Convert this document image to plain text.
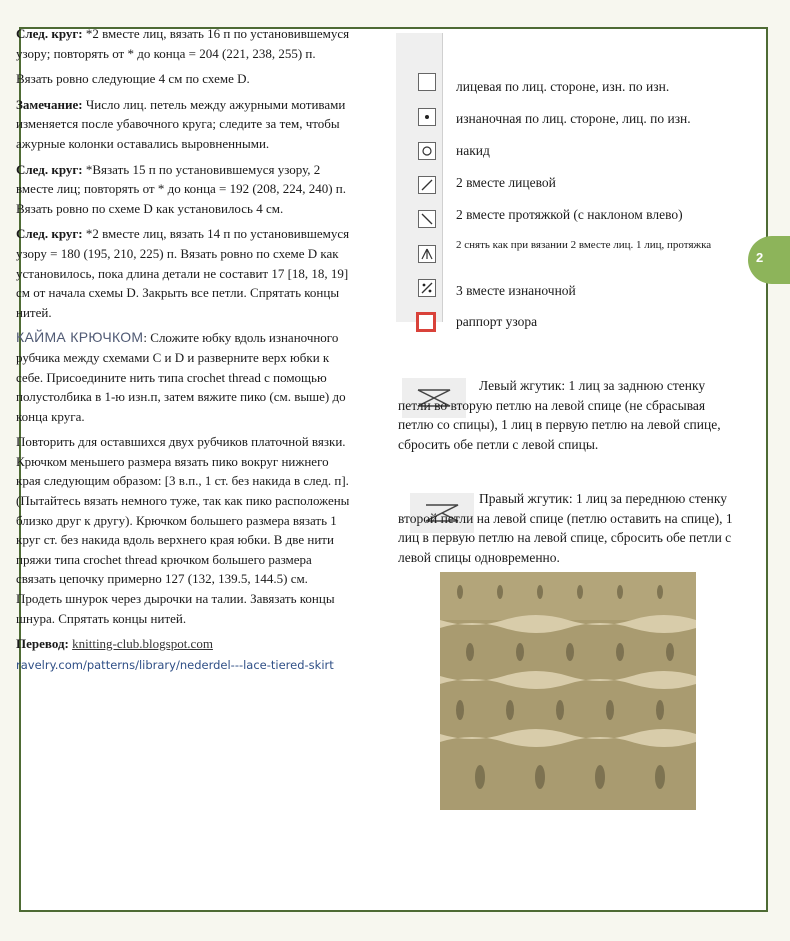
След. круг: *2 вместе лиц, вязать 16 п по установившемуся узору; повторять от * до конца = 204 (221, 238, 255) п.

Вязать ровно следующие 4 см по схеме D.

Замечание: Число лиц. петель между ажурными мотивами изменяется после убавочного круга; следите за тем, чтобы ажурные колонки оставались выровненными.

След. круг: *Вязать 15 п по установившемуся узору, 2 вместе лиц; повторять от * до конца = 192 (208, 224, 240) п. Вязать ровно по схеме D как установилось 4 см.

След. круг: *2 вместе лиц, вязать 14 п по установившемуся узору = 180 (195, 210, 225) п. Вязать ровно по схеме D как установилось, пока длина детали не составит 17 [18, 18, 19] см от начала схемы D. Закрыть все петли. Спрятать концы нитей.

КАЙМА КРЮЧКОМ: Сложите юбку вдоль изнаночного рубчика между схемами C и D и разверните верх юбки к себе. Присоедините нить типа crochet thread с помощью полустолбика в 1-ю изн.п, затем вяжите пико (см. выше) до конца круга.

Повторить для оставшихся двух рубчиков платочной вязки. Крючком меньшего размера вязать пико вокруг нижнего края следующим образом: [3 в.п., 1 ст. без накида в след. п]. (Пытайтесь вязать немного туже, так как пико расположены близко друг к другу). Крючком большего размера вязать 1 круг ст. без накида вдоль верхнего края юбки. В две нити пряжи типа crochet thread крючком большего размера связать цепочку примерно 127 (132, 139.5, 144.5) см. Продеть шнурок через дырочки на талии. Завязать концы шнура. Спрятать концы нитей.

Перевод: knitting-club.blogspot.com

ravelry.com/patterns/library/nederdel---lace-tiered-skirt
лицевая по лиц. стороне, изн. по изн.
изнаночная по лиц. стороне, лиц. по изн.
накид
2 вместе лицевой
2 вместе протяжкой (с наклоном влево)
2 снять как при вязании 2 вместе лиц. 1 лиц, протяжка
3 вместе изнаночной
раппорт узора
Левый жгутик: 1 лиц за заднюю стенку петли во вторую петлю на левой спице (не сбрасывая петлю со спицы), 1 лиц в первую петлю на левой спице, сбросить обе петли с левой спицы.
Правый жгутик: 1 лиц за переднюю стенку второй петли на левой спице (петлю оставить на спице), 1 лиц в первую петлю на левой спице, сбросить обе петли с левой спицы одновременно.
2
